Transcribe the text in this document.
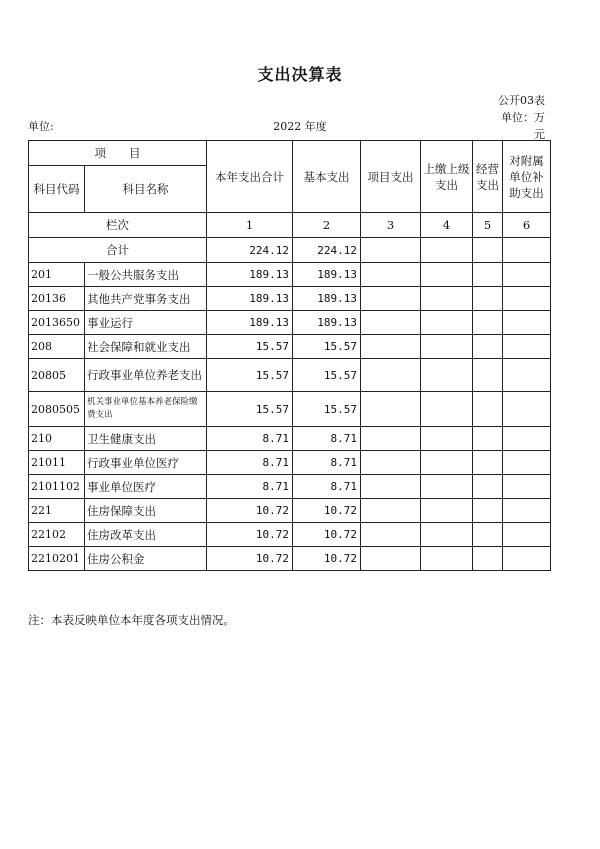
支出决算表
公开03表
单位:	2022 年度
单位：万
元
项　　目		本年支出合计	基本支出	项目支出	上缴上级支出	经营支出	对附属单位补助支出
科目代码	科目名称						
栏次		1	2	3	4	5	6
合计		224.12	224.12				
201	一般公共服务支出	189.13	189.13				
20136	其他共产党事务支出	189.13	189.13				
2013650	事业运行	189.13	189.13				
208	社会保障和就业支出	15.57	15.57				
20805	行政事业单位养老支出	15.57	15.57				
2080505	机关事业单位基本养老保险缴费支出	15.57	15.57				
210	卫生健康支出	8.71	8.71				
21011	行政事业单位医疗	8.71	8.71				
2101102	事业单位医疗	8.71	8.71				
221	住房保障支出	10.72	10.72				
22102	住房改革支出	10.72	10.72				
2210201	住房公积金	10.72	10.72				
注：本表反映单位本年度各项支出情况。
